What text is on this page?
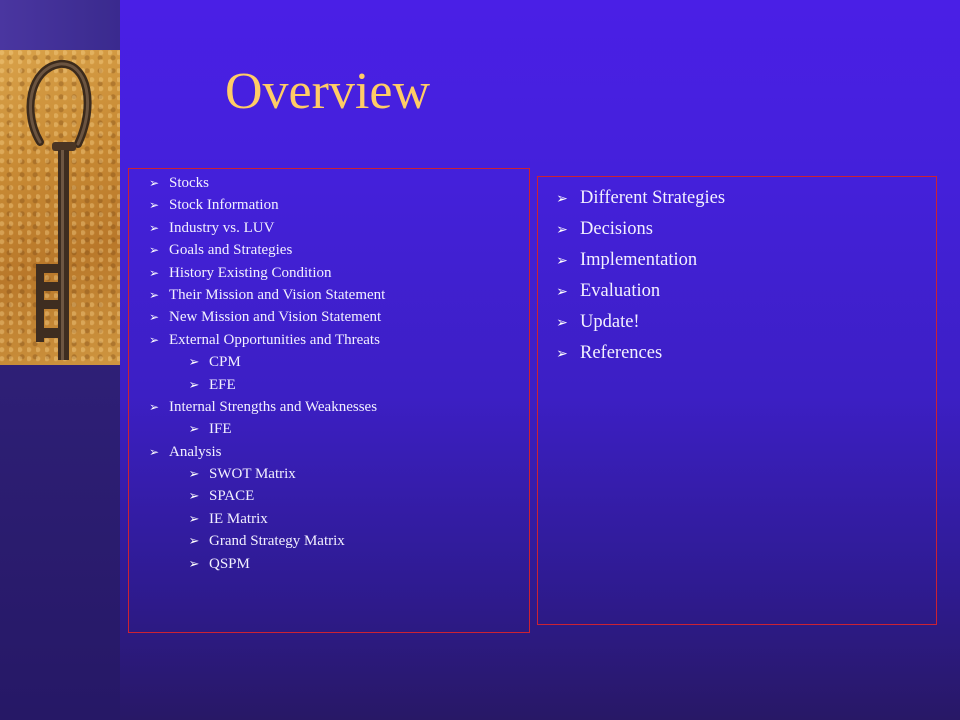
Overview
➢ Stocks
➢ Stock Information
➢ Industry vs. LUV
➢ Goals and Strategies
➢ History Existing Condition
➢ Their Mission and Vision Statement
➢ New Mission and Vision Statement
➢ External Opportunities and Threats
➢ CPM
➢ EFE
➢ Internal Strengths and Weaknesses
➢ IFE
➢ Analysis
➢ SWOT Matrix
➢ SPACE
➢ IE Matrix
➢ Grand Strategy Matrix
➢ QSPM
➢ Different Strategies
➢ Decisions
➢ Implementation
➢ Evaluation
➢ Update!
➢ References
